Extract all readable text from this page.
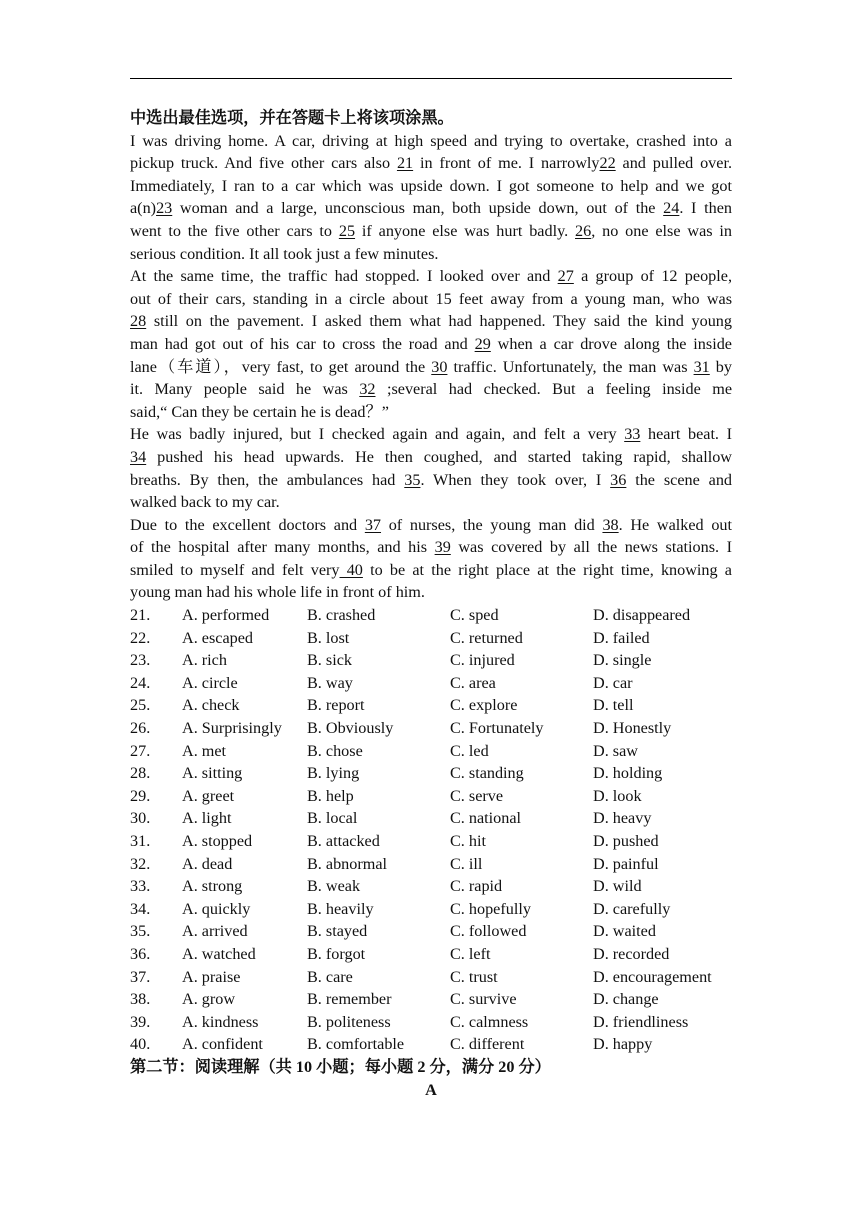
中选出最佳选项，并在答题卡上将该项涂黑。
I was driving home. A car, driving at high speed and trying to overtake, crashed into a
pickup truck. And five other cars also 21 in front of me. I narrowly22 and pulled over.
Immediately, I ran to a car which was upside down. I got someone to help and we got
a(n)23 woman and a large, unconscious man, both upside down, out of the 24. I then
went to the five other cars to 25 if anyone else was hurt badly. 26, no one else was in
serious condition. It all took just a few minutes.
At the same time, the traffic had stopped. I looked over and 27 a group of 12 people,
out of their cars, standing in a circle about 15 feet away from a young man, who was
28 still on the pavement. I asked them what had happened. They said the kind young
man had got out of his car to cross the road and 29 when a car drove along the inside
lane（车道），very fast, to get around the 30 traffic. Unfortunately, the man was 31 by
it. Many people said he was 32 ;several had checked. But a feeling inside me
said,“ Can they be certain he is dead？”
He was badly injured, but I checked again and again, and felt a very 33 heart beat. I
34 pushed his head upwards. He then coughed, and started taking rapid, shallow
breaths. By then, the ambulances had 35. When they took over, I 36 the scene and
walked back to my car.
Due to the excellent doctors and 37 of nurses, the young man did 38. He walked out
of the hospital after many months, and his 39 was covered by all the news stations. I
smiled to myself and felt very 40 to be at the right place at the right time, knowing a
young man had his whole life in front of him.
21. A. performed B. crashed	C. sped	D. disappeared
22. A. escaped	B. lost	C. returned	D. failed
23. A. rich	B. sick	C. injured	D. single
24. A. circle	B. way	C. area	D. car
25. A. check	B. report	C. explore	D. tell
26. A. Surprisingly B. Obviously	C. Fortunately	D. Honestly
27. A. met	B. chose	C. led	D. saw
28. A. sitting	B. lying	C. standing	D. holding
29. A. greet	B. help	C. serve	D. look
30. A. light	B. local	C. national	D. heavy
31. A. stopped	B. attacked	C. hit	D. pushed
32. A. dead	B. abnormal	C. ill	D. painful
33. A. strong	B. weak	C. rapid	D. wild
34. A. quickly	B. heavily	C. hopefully	D. carefully
35. A. arrived	B. stayed	C. followed	D. waited
36. A. watched	B. forgot	C. left	D. recorded
37. A. praise	B. care	C. trust	D. encouragement
38. A. grow	B. remember	C. survive	D. change
39. A. kindness	B. politeness	C. calmness	D. friendliness
40. A. confident	B. comfortable	C. different	D. happy
第二节：阅读理解（共 10 小题；每小题 2 分，满分 20 分）
A
